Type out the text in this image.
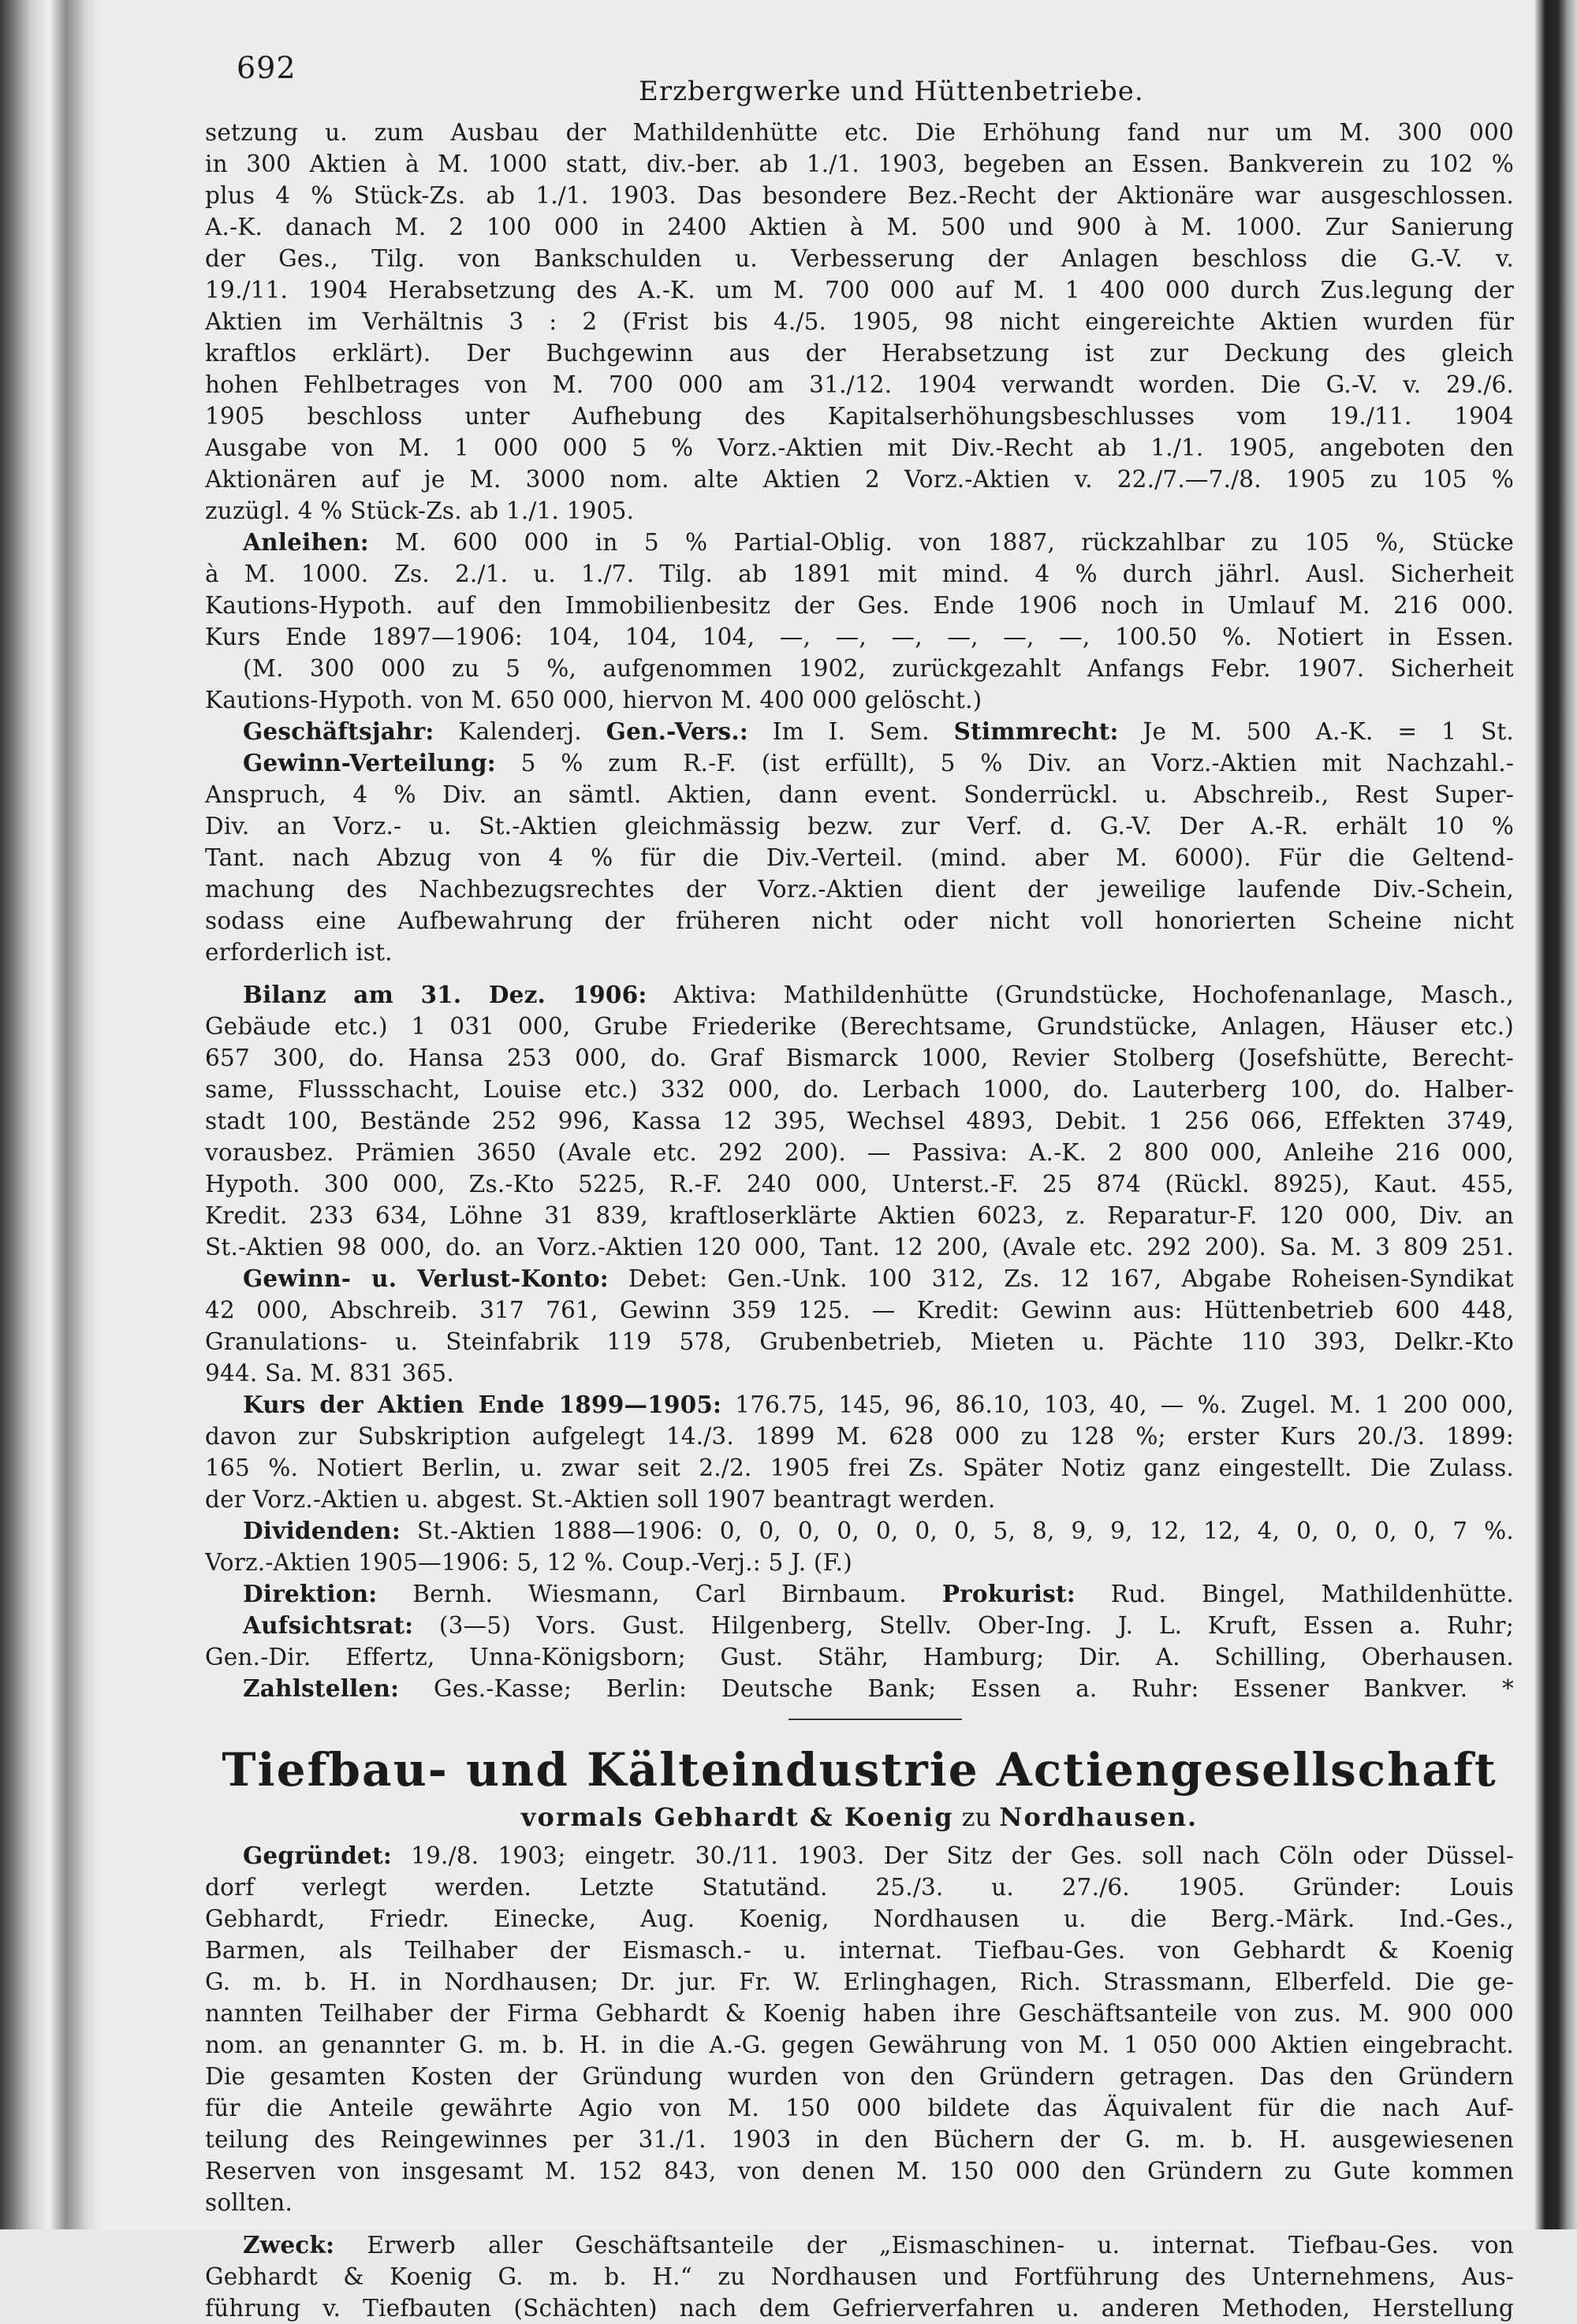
692
Erzbergwerke und Hüttenbetriebe.

setzung u. zum Ausbau der Mathildenhütte etc. Die Erhöhung fand nur um M. 300 000

in 300 Aktien à M. 1000 statt, div.-ber. ab 1./1. 1903, begeben an Essen. Bankverein zu 102 %

plus 4 % Stück-Zs. ab 1./1. 1903. Das besondere Bez.-Recht der Aktionäre war ausgeschlossen.

A.-K. danach M. 2 100 000 in 2400 Aktien à M. 500 und 900 à M. 1000. Zur Sanierung

der Ges., Tilg. von Bankschulden u. Verbesserung der Anlagen beschloss die G.-V. v.

19./11. 1904 Herabsetzung des A.-K. um M. 700 000 auf M. 1 400 000 durch Zus.legung der

Aktien im Verhältnis 3 : 2 (Frist bis 4./5. 1905, 98 nicht eingereichte Aktien wurden für

kraftlos erklärt). Der Buchgewinn aus der Herabsetzung ist zur Deckung des gleich

hohen Fehlbetrages von M. 700 000 am 31./12. 1904 verwandt worden. Die G.-V. v. 29./6.

1905 beschloss unter Aufhebung des Kapitalserhöhungsbeschlusses vom 19./11. 1904

Ausgabe von M. 1 000 000 5 % Vorz.-Aktien mit Div.-Recht ab 1./1. 1905, angeboten den

Aktionären auf je M. 3000 nom. alte Aktien 2 Vorz.-Aktien v. 22./7.—7./8. 1905 zu 105 %

zuzügl. 4 % Stück-Zs. ab 1./1. 1905.

Anleihen: M. 600 000 in 5 % Partial-Oblig. von 1887, rückzahlbar zu 105 %, Stücke

à M. 1000. Zs. 2./1. u. 1./7. Tilg. ab 1891 mit mind. 4 % durch jährl. Ausl. Sicherheit

Kautions-Hypoth. auf den Immobilienbesitz der Ges. Ende 1906 noch in Umlauf M. 216 000.

Kurs Ende 1897—1906: 104, 104, 104, —, —, —, —, —, —, 100.50 %. Notiert in Essen.

(M. 300 000 zu 5 %, aufgenommen 1902, zurückgezahlt Anfangs Febr. 1907. Sicherheit

Kautions-Hypoth. von M. 650 000, hiervon M. 400 000 gelöscht.)

Geschäftsjahr: Kalenderj. Gen.-Vers.: Im I. Sem. Stimmrecht: Je M. 500 A.-K. = 1 St.

Gewinn-Verteilung: 5 % zum R.-F. (ist erfüllt), 5 % Div. an Vorz.-Aktien mit Nachzahl.-

Anspruch, 4 % Div. an sämtl. Aktien, dann event. Sonderrückl. u. Abschreib., Rest Super-

Div. an Vorz.- u. St.-Aktien gleichmässig bezw. zur Verf. d. G.-V. Der A.-R. erhält 10 %

Tant. nach Abzug von 4 % für die Div.-Verteil. (mind. aber M. 6000). Für die Geltend-

machung des Nachbezugsrechtes der Vorz.-Aktien dient der jeweilige laufende Div.-Schein,

sodass eine Aufbewahrung der früheren nicht oder nicht voll honorierten Scheine nicht

erforderlich ist.

Bilanz am 31. Dez. 1906: Aktiva: Mathildenhütte (Grundstücke, Hochofenanlage, Masch.,

Gebäude etc.) 1 031 000, Grube Friederike (Berechtsame, Grundstücke, Anlagen, Häuser etc.)

657 300, do. Hansa 253 000, do. Graf Bismarck 1000, Revier Stolberg (Josefshütte, Berecht-

same, Flussschacht, Louise etc.) 332 000, do. Lerbach 1000, do. Lauterberg 100, do. Halber-

stadt 100, Bestände 252 996, Kassa 12 395, Wechsel 4893, Debit. 1 256 066, Effekten 3749,

vorausbez. Prämien 3650 (Avale etc. 292 200). — Passiva: A.-K. 2 800 000, Anleihe 216 000,

Hypoth. 300 000, Zs.-Kto 5225, R.-F. 240 000, Unterst.-F. 25 874 (Rückl. 8925), Kaut. 455,

Kredit. 233 634, Löhne 31 839, kraftloserklärte Aktien 6023, z. Reparatur-F. 120 000, Div. an

St.-Aktien 98 000, do. an Vorz.-Aktien 120 000, Tant. 12 200, (Avale etc. 292 200). Sa. M. 3 809 251.

Gewinn- u. Verlust-Konto: Debet: Gen.-Unk. 100 312, Zs. 12 167, Abgabe Roheisen-Syndikat

42 000, Abschreib. 317 761, Gewinn 359 125. — Kredit: Gewinn aus: Hüttenbetrieb 600 448,

Granulations- u. Steinfabrik 119 578, Grubenbetrieb, Mieten u. Pächte 110 393, Delkr.-Kto

944. Sa. M. 831 365.

Kurs der Aktien Ende 1899—1905: 176.75, 145, 96, 86.10, 103, 40, — %. Zugel. M. 1 200 000,

davon zur Subskription aufgelegt 14./3. 1899 M. 628 000 zu 128 %; erster Kurs 20./3. 1899:

165 %. Notiert Berlin, u. zwar seit 2./2. 1905 frei Zs. Später Notiz ganz eingestellt. Die Zulass.

der Vorz.-Aktien u. abgest. St.-Aktien soll 1907 beantragt werden.

Dividenden: St.-Aktien 1888—1906: 0, 0, 0, 0, 0, 0, 0, 5, 8, 9, 9, 12, 12, 4, 0, 0, 0, 0, 7 %.

Vorz.-Aktien 1905—1906: 5, 12 %. Coup.-Verj.: 5 J. (F.)

Direktion: Bernh. Wiesmann, Carl Birnbaum. Prokurist: Rud. Bingel, Mathildenhütte.

Aufsichtsrat: (3—5) Vors. Gust. Hilgenberg, Stellv. Ober-Ing. J. L. Kruft, Essen a. Ruhr;

Gen.-Dir. Effertz, Unna-Königsborn; Gust. Stähr, Hamburg; Dir. A. Schilling, Oberhausen.

Zahlstellen: Ges.-Kasse; Berlin: Deutsche Bank; Essen a. Ruhr: Essener Bankver. *

Tiefbau- und Kälteindustrie Actiengesellschaft
vormals Gebhardt & Koenig zu Nordhausen.

Gegründet: 19./8. 1903; eingetr. 30./11. 1903. Der Sitz der Ges. soll nach Cöln oder Düssel-

dorf verlegt werden. Letzte Statutänd. 25./3. u. 27./6. 1905. Gründer: Louis

Gebhardt, Friedr. Einecke, Aug. Koenig, Nordhausen u. die Berg.-Märk. Ind.-Ges.,

Barmen, als Teilhaber der Eismasch.- u. internat. Tiefbau-Ges. von Gebhardt & Koenig

G. m. b. H. in Nordhausen; Dr. jur. Fr. W. Erlinghagen, Rich. Strassmann, Elberfeld. Die ge-

nannten Teilhaber der Firma Gebhardt & Koenig haben ihre Geschäftsanteile von zus. M. 900 000

nom. an genannter G. m. b. H. in die A.-G. gegen Gewährung von M. 1 050 000 Aktien eingebracht.

Die gesamten Kosten der Gründung wurden von den Gründern getragen. Das den Gründern

für die Anteile gewährte Agio von M. 150 000 bildete das Äquivalent für die nach Auf-

teilung des Reingewinnes per 31./1. 1903 in den Büchern der G. m. b. H. ausgewiesenen

Reserven von insgesamt M. 152 843, von denen M. 150 000 den Gründern zu Gute kommen

sollten.

Zweck: Erwerb aller Geschäftsanteile der „Eismaschinen- u. internat. Tiefbau-Ges. von

Gebhardt & Koenig G. m. b. H.“ zu Nordhausen und Fortführung des Unternehmens, Aus-

führung v. Tiefbauten (Schächten) nach dem Gefrierverfahren u. anderen Methoden, Herstellung
